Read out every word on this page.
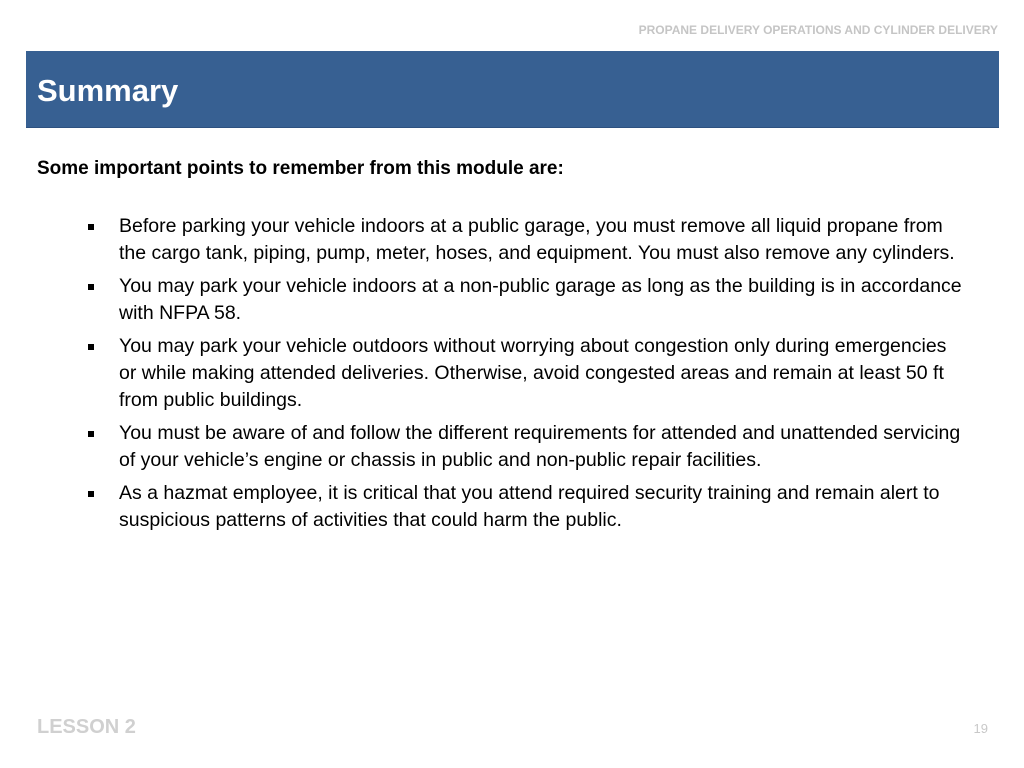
PROPANE DELIVERY OPERATIONS AND CYLINDER DELIVERY
Summary

Some important points to remember from this module are:

Before parking your vehicle indoors at a public garage, you must remove all liquid propane from the cargo tank, piping, pump, meter, hoses, and equipment. You must also remove any cylinders.
You may park your vehicle indoors at a non-public garage as long as the building is in accordance with NFPA 58.
You may park your vehicle outdoors without worrying about congestion only during emergencies or while making attended deliveries. Otherwise, avoid congested areas and remain at least 50 ft from public buildings.
You must be aware of and follow the different requirements for attended and unattended servicing of your vehicle’s engine or chassis in public and non-public repair facilities.
As a hazmat employee, it is critical that you attend required security training and remain alert to suspicious patterns of activities that could harm the public.
LESSON 2	19
